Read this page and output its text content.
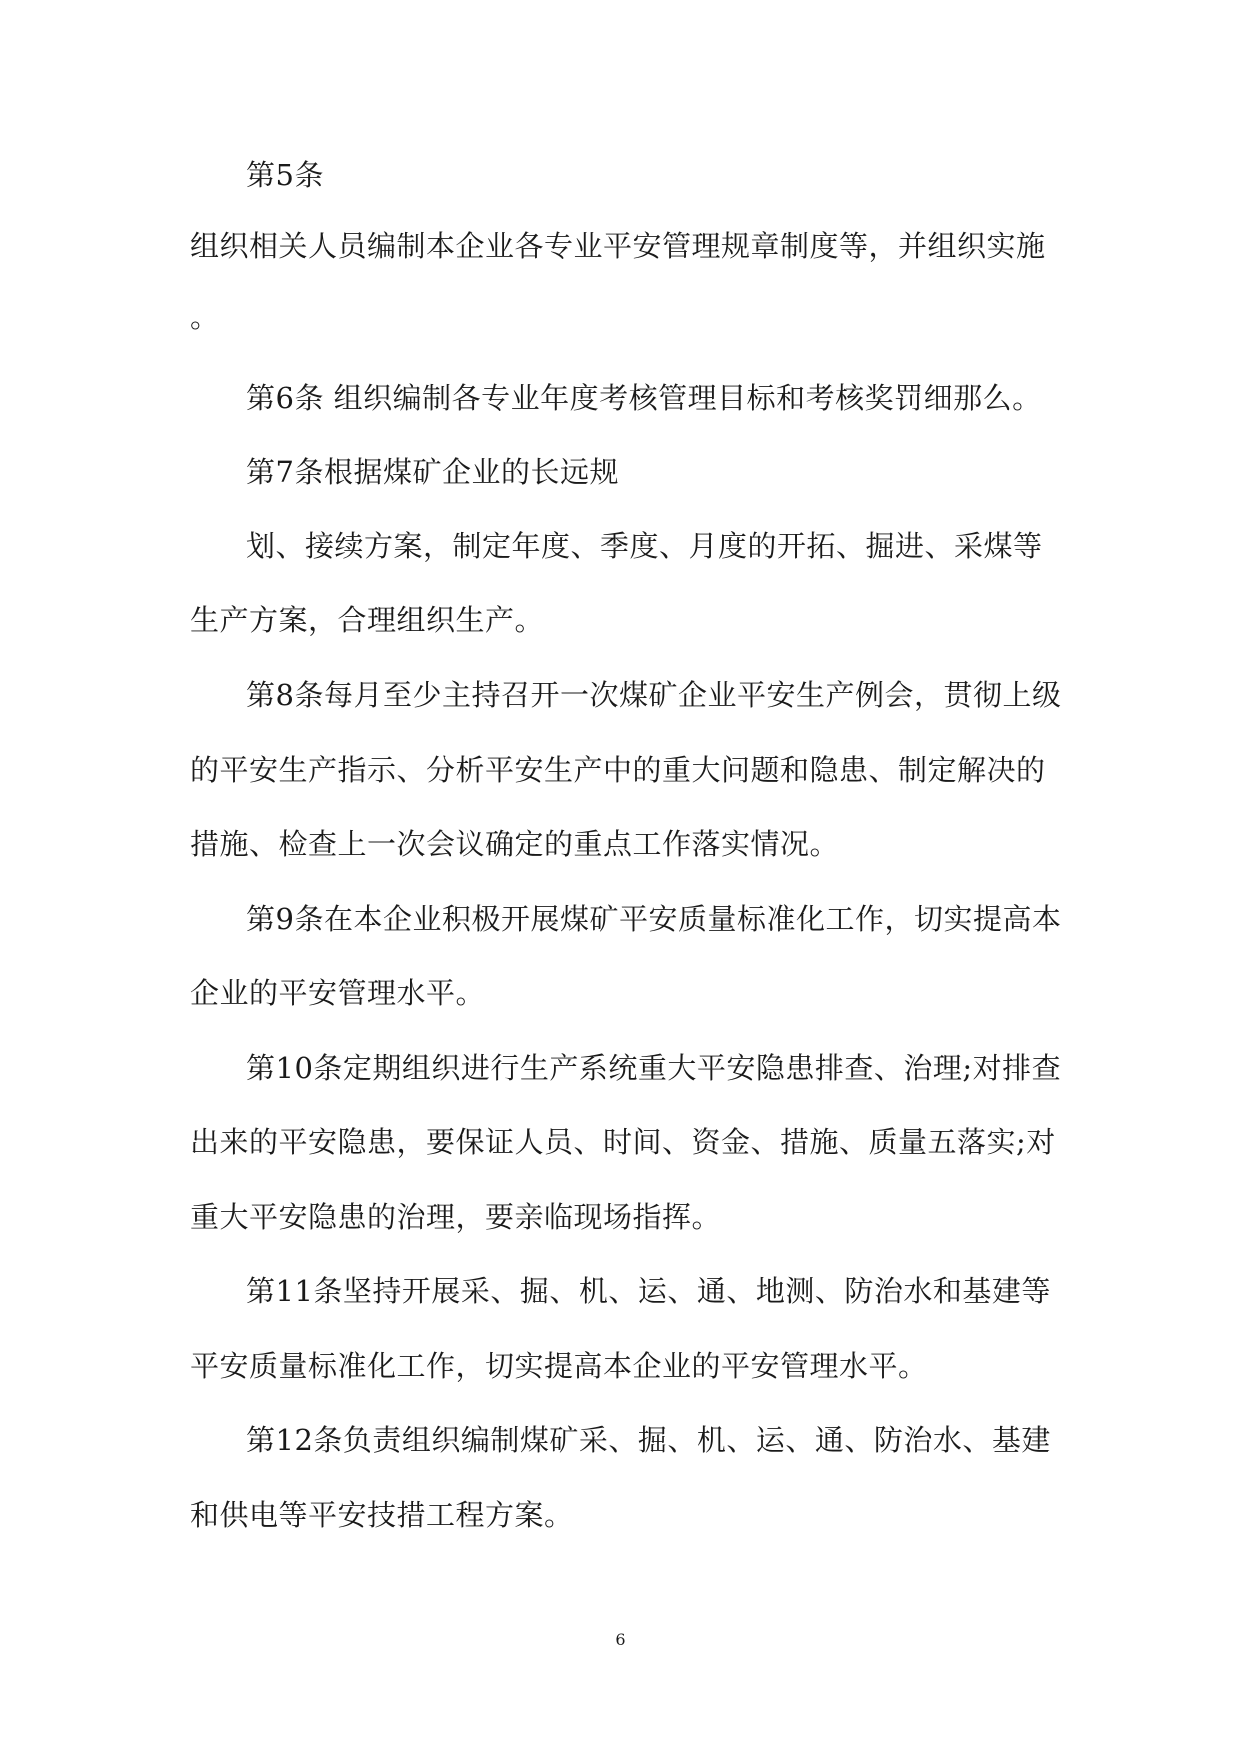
第5条

组织相关人员编制本企业各专业平安管理规章制度等，并组织实施

。

第6条 组织编制各专业年度考核管理目标和考核奖罚细那么。

第7条根据煤矿企业的长远规

划、接续方案，制定年度、季度、月度的开拓、掘进、采煤等

生产方案，合理组织生产。

第8条每月至少主持召开一次煤矿企业平安生产例会，贯彻上级

的平安生产指示、分析平安生产中的重大问题和隐患、制定解决的

措施、检查上一次会议确定的重点工作落实情况。

第9条在本企业积极开展煤矿平安质量标准化工作，切实提高本

企业的平安管理水平。

第10条定期组织进行生产系统重大平安隐患排查、治理;对排查

出来的平安隐患，要保证人员、时间、资金、措施、质量五落实;对

重大平安隐患的治理，要亲临现场指挥。

第11条坚持开展采、掘、机、运、通、地测、防治水和基建等

平安质量标准化工作，切实提高本企业的平安管理水平。

第12条负责组织编制煤矿采、掘、机、运、通、防治水、基建

和供电等平安技措工程方案。

6
